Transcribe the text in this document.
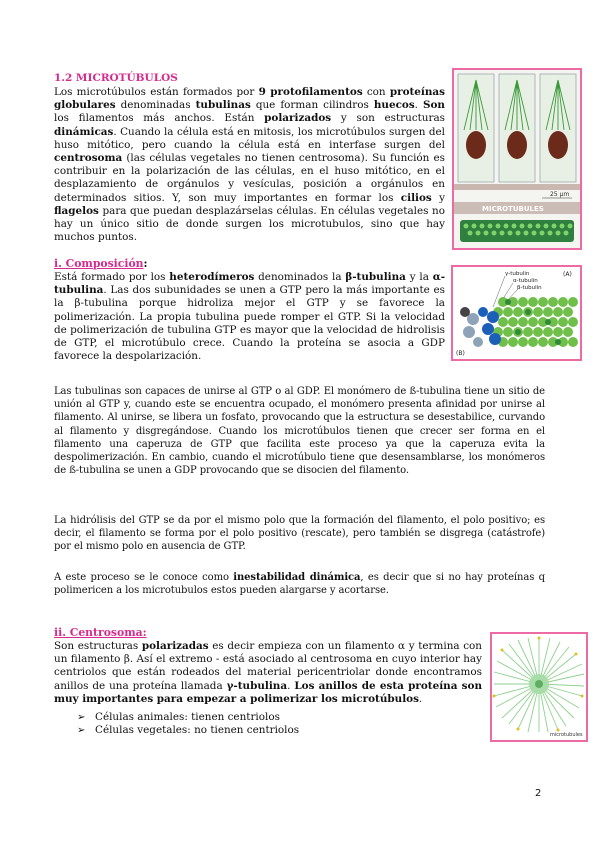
1.2 MICROTÚBULOS

Los microtúbulos están formados por 9 protofilamentos con proteínas globulares denominadas tubulinas que forman cilindros huecos. Son los filamentos más anchos. Están polarizados y son estructuras dinámicas. Cuando la célula está en mitosis, los microtúbulos surgen del huso mitótico, pero cuando la célula está en interfase surgen del centrosoma (las células vegetales no tienen centrosoma). Su función es contribuir en la polarización de las células, en el huso mitótico, en el desplazamiento de orgánulos y vesículas, posición a orgánulos en determinados sitios. Y, son muy importantes en formar los cilios y flagelos para que puedan desplazárselas células. En células vegetales no hay un único sitio de donde surgen los microtubulos, sino que hay muchos puntos.

25 µm
MICROTUBULES
i. Composición:

Está formado por los heterodímeros denominados la β-tubulina y la α-tubulina. Las dos subunidades se unen a GTP pero la más importante es la β-tubulina porque hidroliza mejor el GTP y se favorece la polimerización. La propia tubulina puede romper el GTP. Si la velocidad de polimerización de tubulina GTP es mayor que la velocidad de hidrolisis de GTP, el microtúbulo crece. Cuando la proteína se asocia a GDP favorece la despolarización.

γ-tubulin
α-tubulin
β-tubulin
(A)
(B)

Las tubulinas son capaces de unirse al GTP o al GDP. El monómero de ß-tubulina tiene un sitio de unión al GTP y, cuando este se encuentra ocupado, el monómero presenta afinidad por unirse al filamento. Al unirse, se libera un fosfato, provocando que la estructura se desestabilice, curvando al filamento y disgregándose. Cuando los microtúbulos tienen que crecer ser forma en el filamento una caperuza de GTP que facilita este proceso ya que la caperuza evita la despolimerización. En cambio, cuando el microtúbulo tiene que desensamblarse, los monómeros de ß-tubulina se unen a GDP provocando que se disocien del filamento.

La hidrólisis del GTP se da por el mismo polo que la formación del filamento, el polo positivo; es decir, el filamento se forma por el polo positivo (rescate), pero también se disgrega (catástrofe) por el mismo polo en ausencia de GTP.

A este proceso se le conoce como inestabilidad dinámica, es decir que si no hay proteínas q polimericen a los microtubulos estos pueden alargarse y acortarse.

ii. Centrosoma:

Son estructuras polarizadas es decir empieza con un filamento α y termina con un filamento β. Así el extremo - está asociado al centrosoma en cuyo interior hay centriolos que están rodeados del material pericentriolar donde encontramos anillos de una proteína llamada γ-tubulina. Los anillos de esta proteína son muy importantes para empezar a polimerizar los microtúbulos.

➢ Células animales: tienen centriolos
➢ Células vegetales: no tienen centriolos	microtubules
2
